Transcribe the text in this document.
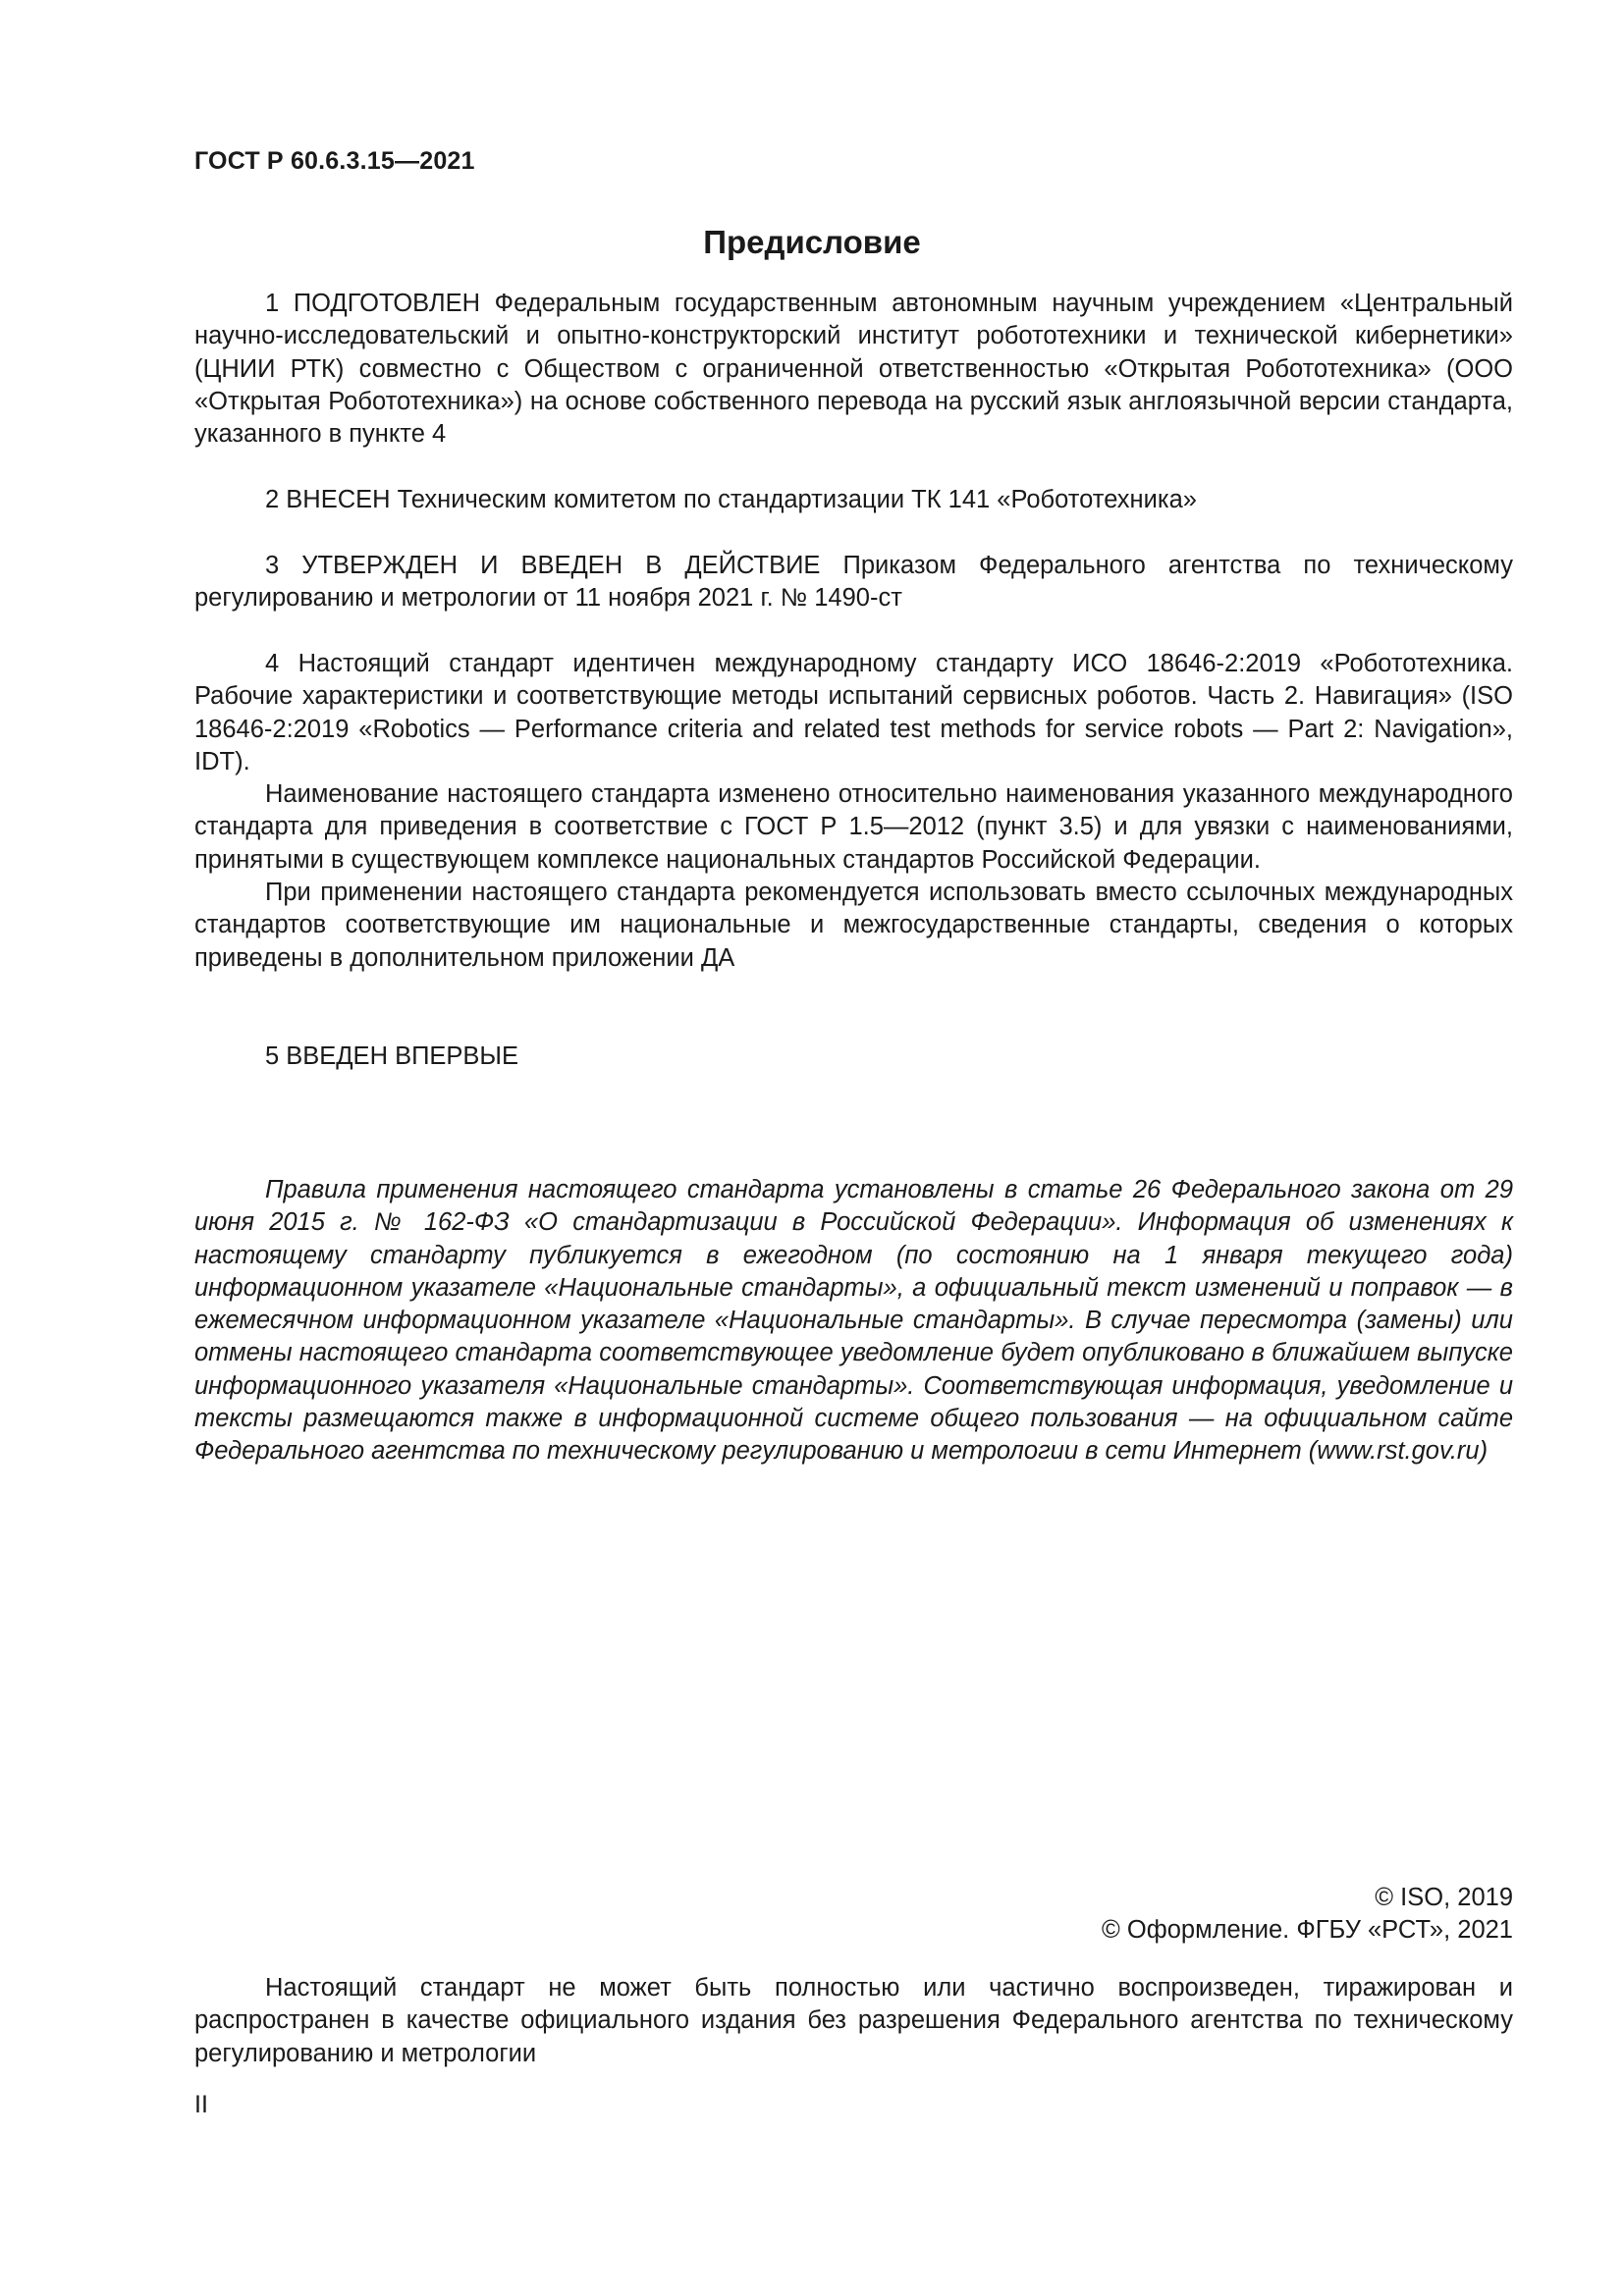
ГОСТ Р 60.6.3.15—2021
Предисловие

1 ПОДГОТОВЛЕН Федеральным государственным автономным научным учреждением «Центральный научно-исследовательский и опытно-конструкторский институт робототехники и технической кибернетики» (ЦНИИ РТК) совместно с Обществом с ограниченной ответственностью «Открытая Робототехника» (ООО «Открытая Робототехника») на основе собственного перевода на русский язык англоязычной версии стандарта, указанного в пункте 4

2 ВНЕСЕН Техническим комитетом по стандартизации ТК 141 «Робототехника»

3 УТВЕРЖДЕН И ВВЕДЕН В ДЕЙСТВИЕ Приказом Федерального агентства по техническому регулированию и метрологии от 11 ноября 2021 г. № 1490-ст

4 Настоящий стандарт идентичен международному стандарту ИСО 18646-2:2019 «Робототехника. Рабочие характеристики и соответствующие методы испытаний сервисных роботов. Часть 2. Навигация» (ISO 18646-2:2019 «Robotics — Performance criteria and related test methods for service robots — Part 2: Navigation», IDT).

Наименование настоящего стандарта изменено относительно наименования указанного международного стандарта для приведения в соответствие с ГОСТ Р 1.5—2012 (пункт 3.5) и для увязки с наименованиями, принятыми в существующем комплексе национальных стандартов Российской Федерации.

При применении настоящего стандарта рекомендуется использовать вместо ссылочных международных стандартов соответствующие им национальные и межгосударственные стандарты, сведения о которых приведены в дополнительном приложении ДА

5 ВВЕДЕН ВПЕРВЫЕ

Правила применения настоящего стандарта установлены в статье 26 Федерального закона от 29 июня 2015 г. № 162-ФЗ «О стандартизации в Российской Федерации». Информация об изменениях к настоящему стандарту публикуется в ежегодном (по состоянию на 1 января текущего года) информационном указателе «Национальные стандарты», а официальный текст изменений и поправок — в ежемесячном информационном указателе «Национальные стандарты». В случае пересмотра (замены) или отмены настоящего стандарта соответствующее уведомление будет опубликовано в ближайшем выпуске информационного указателя «Национальные стандарты». Соответствующая информация, уведомление и тексты размещаются также в информационной системе общего пользования — на официальном сайте Федерального агентства по техническому регулированию и метрологии в сети Интернет (www.rst.gov.ru)

© ISO, 2019
© Оформление. ФГБУ «РСТ», 2021

Настоящий стандарт не может быть полностью или частично воспроизведен, тиражирован и распространен в качестве официального издания без разрешения Федерального агентства по техническому регулированию и метрологии

II
